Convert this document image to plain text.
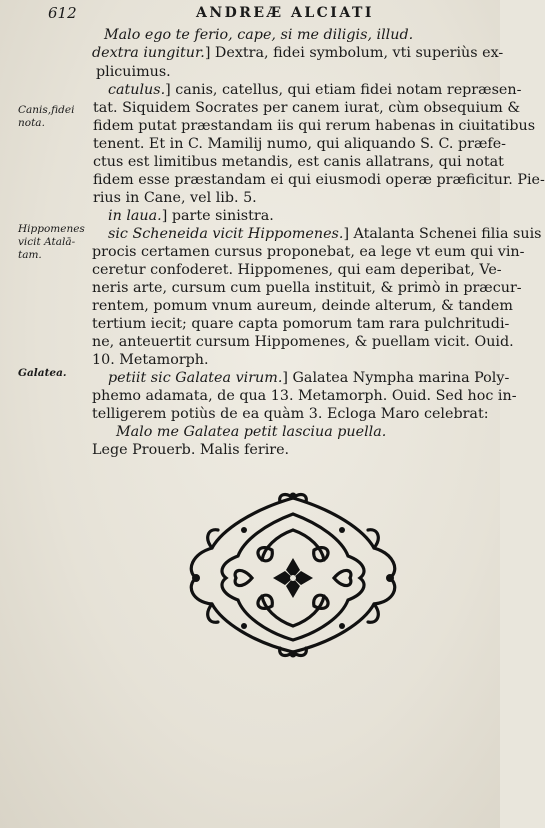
612	ANDREÆ ALCIATI
Canis,fidei
nota.
Hippomenes
vicit Atalā-
tam.
Galatea.
Malo ego te ferio, cape, si me diligis, illud.
dextra iungitur.] Dextra, fidei symbolum, vti superiùs ex-
plicuimus.
catulus.] canis, catellus, qui etiam fidei notam repræsen-
tat. Siquidem Socrates per canem iurat, cùm obsequium &
fidem putat præstandam iis qui rerum habenas in ciuitatibus
tenent. Et in C. Mamilij numo, qui aliquando S. C. præfe-
ctus est limitibus metandis, est canis allatrans, qui notat
fidem esse præstandam ei qui eiusmodi operæ præficitur. Pie-
rius in Cane, vel lib. 5.
in laua.] parte sinistra.
sic Scheneida vicit Hippomenes.] Atalanta Schenei filia suis
procis certamen cursus proponebat, ea lege vt eum qui vin-
ceretur confoderet. Hippomenes, qui eam deperibat, Ve-
neris arte, cursum cum puella instituit, & primò in præcur-
rentem, pomum vnum aureum, deinde alterum, & tandem
tertium iecit; quare capta pomorum tam rara pulchritudi-
ne, anteuertit cursum Hippomenes, & puellam vicit. Ouid.
10. Metamorph.
petiit sic Galatea virum.] Galatea Nympha marina Poly-
phemo adamata, de qua 13. Metamorph. Ouid. Sed hoc in-
telligerem potiùs de ea quàm 3. Ecloga Maro celebrat:
Malo me Galatea petit lasciua puella.
Lege Prouerb. Malis ferire.
